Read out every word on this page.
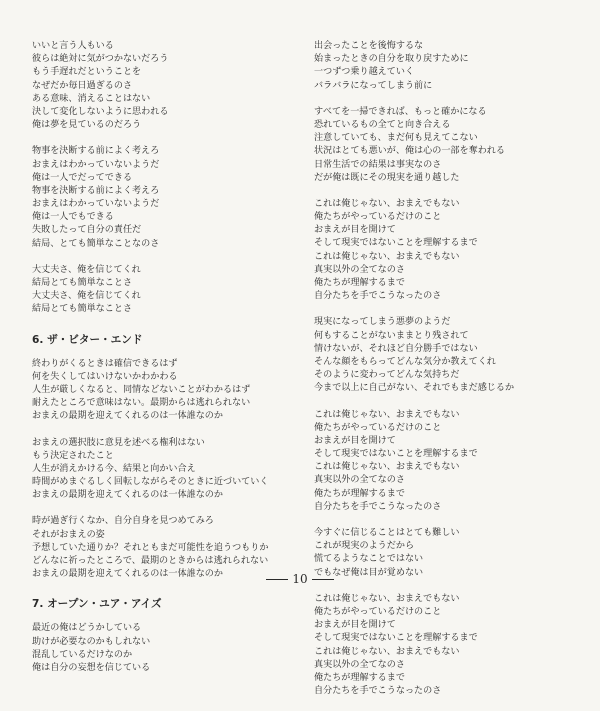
いいと言う人もいる
彼らは絶対に気がつかないだろう
もう手遅れだということを
なぜだか毎日過ぎるのさ
ある意味、消えることはない
決して変化しないように思われる
俺は夢を見ているのだろう
物事を決断する前によく考えろ
おまえはわかっていないようだ
俺は一人でだってできる
物事を決断する前によく考えろ
おまえはわかっていないようだ
俺は一人でもできる
失敗したって自分の責任だ
結局、とても簡単なことなのさ
大丈夫さ、俺を信じてくれ
結局とても簡単なことさ
大丈夫さ、俺を信じてくれ
結局とても簡単なことさ
6. ザ・ビター・エンド
終わりがくるときは確信できるはず
何を失くしてはいけないかわかわる
人生が厳しくなると、同情などないことがわかるはず
耐えたところで意味はない。最期からは逃れられない
おまえの最期を迎えてくれるのは一体誰なのか
おまえの選択肢に意見を述べる権利はない
もう決定されたこと
人生が消えかける今、結果と向かい合え
時間がめまぐるしく回転しながらそのときに近づいていく
おまえの最期を迎えてくれるのは一体誰なのか
時が過ぎ行くなか、自分自身を見つめてみろ
それがおまえの姿
予想していた通りか？それともまだ可能性を追うつもりか
どんなに祈ったところで、最期のときからは逃れられない
おまえの最期を迎えてくれるのは一体誰なのか
7. オープン・ユア・アイズ
最近の俺はどうかしている
助けが必要なのかもしれない
混乱しているだけなのか
俺は自分の妄想を信じている
出会ったことを後悔するな
始まったときの自分を取り戻すために
一つずつ乗り越えていく
バラバラになってしまう前に
すべてを一掃できれば、もっと確かになる
恐れているもの全てと向き合える
注意していても、まだ何も見えてこない
状況はとても悪いが、俺は心の一部を奪われる
日常生活での結果は事実なのさ
だが俺は既にその現実を通り越した
これは俺じゃない、おまえでもない
俺たちがやっているだけのこと
おまえが目を開けて
そして現実ではないことを理解するまで
これは俺じゃない、おまえでもない
真実以外の全てなのさ
俺たちが理解するまで
自分たちを手でこうなったのさ
現実になってしまう悪夢のようだ
何もすることがないままとり残されて
情けないが、それほど自分勝手ではない
そんな顔をもらってどんな気分か教えてくれ
そのように変わってどんな気持ちだ
今まで以上に自己がない、それでもまだ感じるか
これは俺じゃない、おまえでもない
俺たちがやっているだけのこと
おまえが目を開けて
そして現実ではないことを理解するまで
これは俺じゃない、おまえでもない
真実以外の全てなのさ
俺たちが理解するまで
自分たちを手でこうなったのさ
今すぐに信じることはとても難しい
これが現実のようだから
慌てるようなことではない
でもなぜ俺は目が覚めない
これは俺じゃない、おまえでもない
俺たちがやっているだけのこと
おまえが目を開けて
そして現実ではないことを理解するまで
これは俺じゃない、おまえでもない
真実以外の全てなのさ
俺たちが理解するまで
自分たちを手でこうなったのさ
10
